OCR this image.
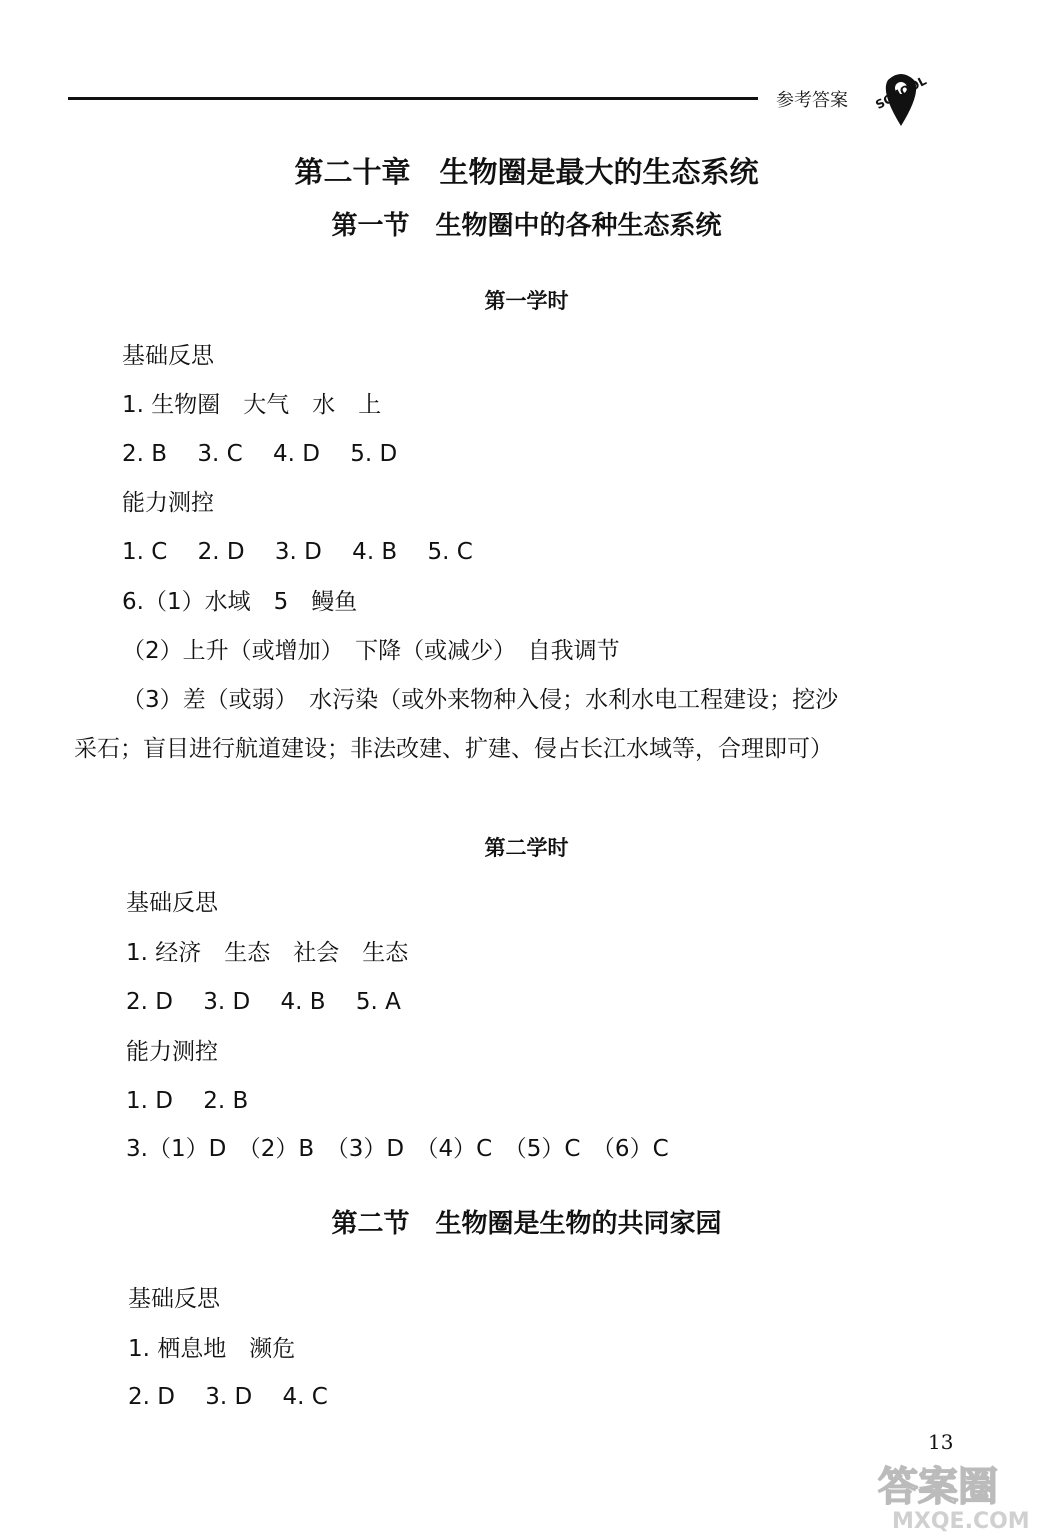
参考答案 SCHOOL
第二十章　生物圈是最大的生态系统
第一节　生物圈中的各种生态系统
第一学时
基础反思
1. 生物圈　大气　水　上
2. B　 3. C　 4. D　 5. D
能力测控
1. C　 2. D　 3. D　 4. B　 5. C
6.（1）水域　5　鳗鱼
（2）上升（或增加）　下降（或减少）　自我调节
（3）差（或弱）　水污染（或外来物种入侵；水利水电工程建设；挖沙
采石；盲目进行航道建设；非法改建、扩建、侵占长江水域等，合理即可）
第二学时
基础反思
1. 经济　生态　社会　生态
2. D　 3. D　 4. B　 5. A
能力测控
1. D　 2. B
3.（1）D　（2）B　（3）D　（4）C　（5）C　（6）C
第二节　生物圈是生物的共同家园
基础反思
1. 栖息地　濒危
2. D　 3. D　 4. C
13
答案圈
MXQE.COM
